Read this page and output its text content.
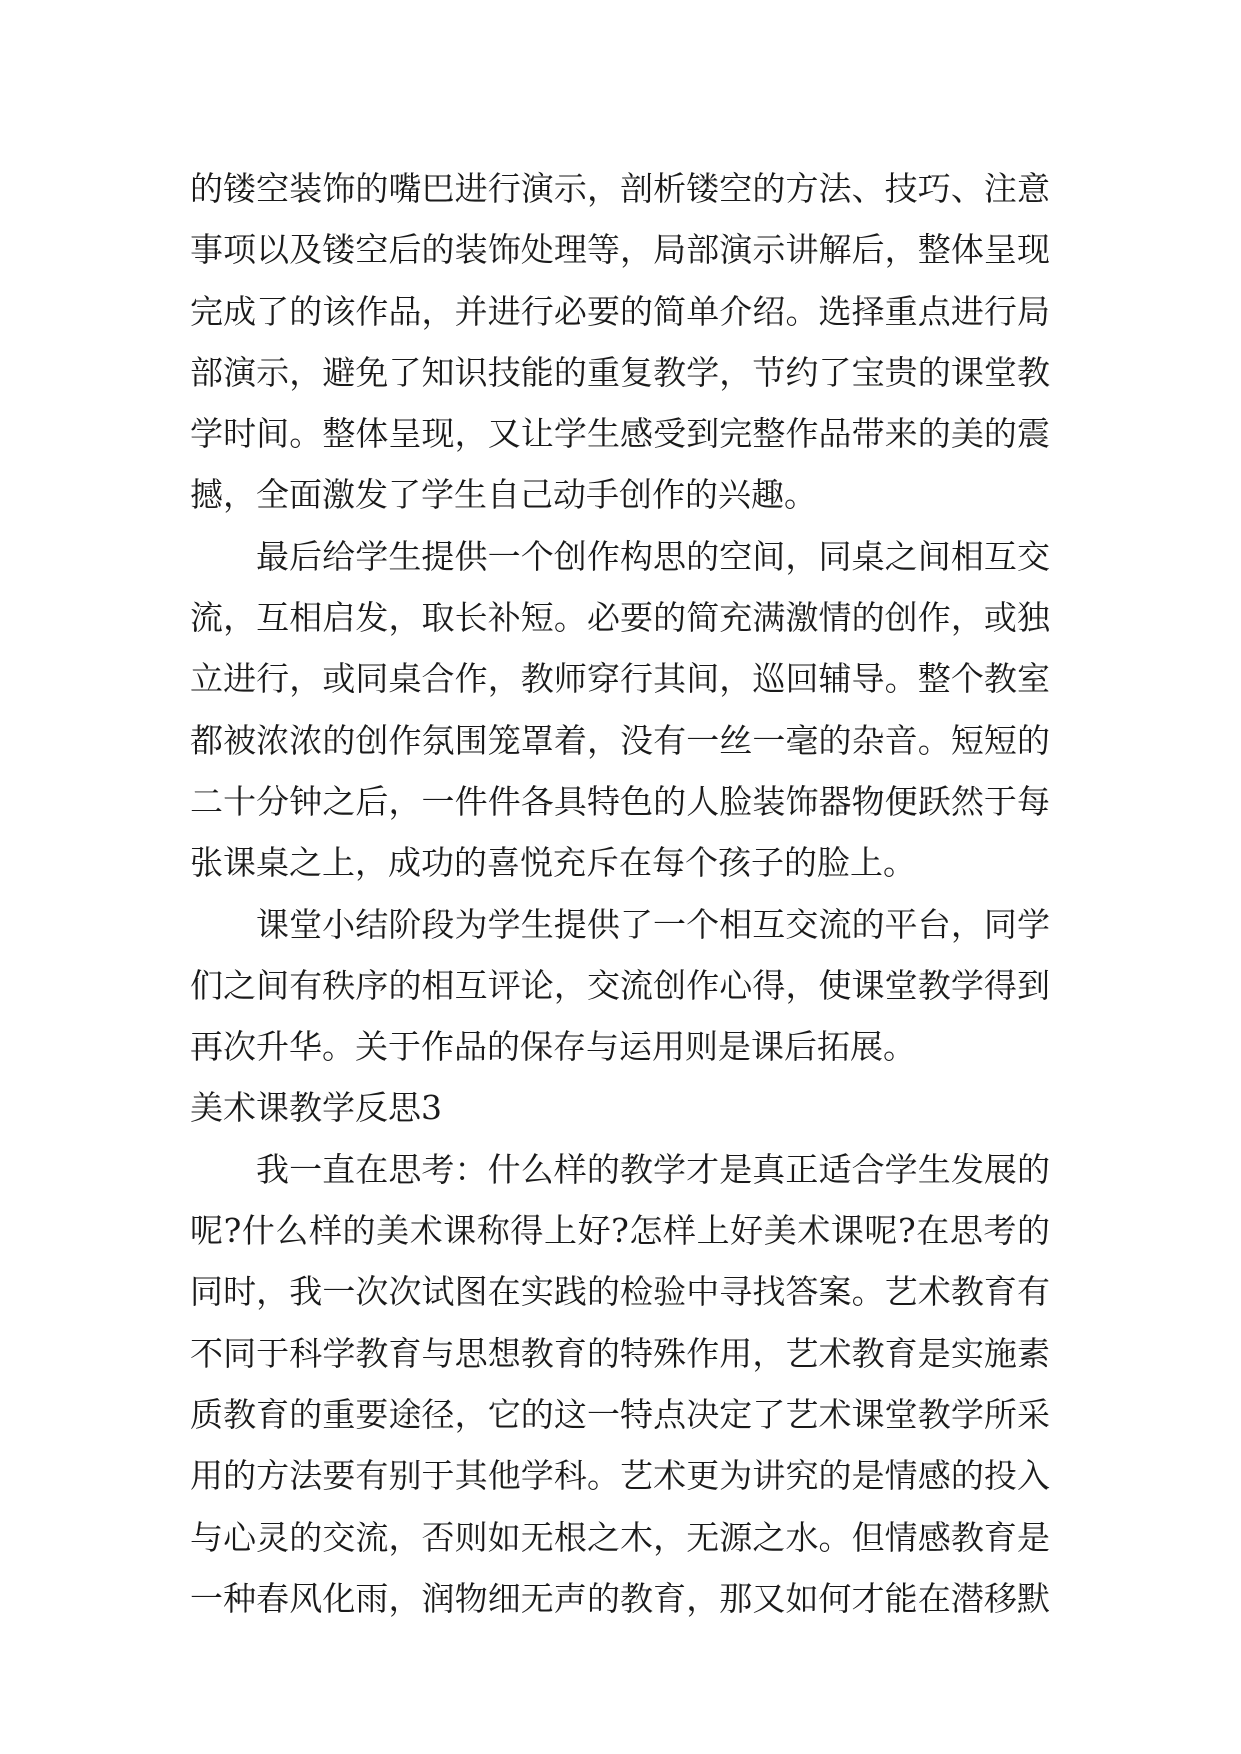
的镂空装饰的嘴巴进行演示，剖析镂空的方法、技巧、注意
事项以及镂空后的装饰处理等，局部演示讲解后，整体呈现
完成了的该作品，并进行必要的简单介绍。选择重点进行局
部演示，避免了知识技能的重复教学，节约了宝贵的课堂教
学时间。整体呈现，又让学生感受到完整作品带来的美的震
撼，全面激发了学生自己动手创作的兴趣。
最后给学生提供一个创作构思的空间，同桌之间相互交
流，互相启发，取长补短。必要的简充满激情的创作，或独
立进行，或同桌合作，教师穿行其间，巡回辅导。整个教室
都被浓浓的创作氛围笼罩着，没有一丝一毫的杂音。短短的
二十分钟之后，一件件各具特色的人脸装饰器物便跃然于每
张课桌之上，成功的喜悦充斥在每个孩子的脸上。
课堂小结阶段为学生提供了一个相互交流的平台，同学
们之间有秩序的相互评论，交流创作心得，使课堂教学得到
再次升华。关于作品的保存与运用则是课后拓展。
美术课教学反思3
我一直在思考：什么样的教学才是真正适合学生发展的
呢?什么样的美术课称得上好?怎样上好美术课呢?在思考的
同时，我一次次试图在实践的检验中寻找答案。艺术教育有
不同于科学教育与思想教育的特殊作用，艺术教育是实施素
质教育的重要途径，它的这一特点决定了艺术课堂教学所采
用的方法要有别于其他学科。艺术更为讲究的是情感的投入
与心灵的交流，否则如无根之木，无源之水。但情感教育是
一种春风化雨，润物细无声的教育，那又如何才能在潜移默
